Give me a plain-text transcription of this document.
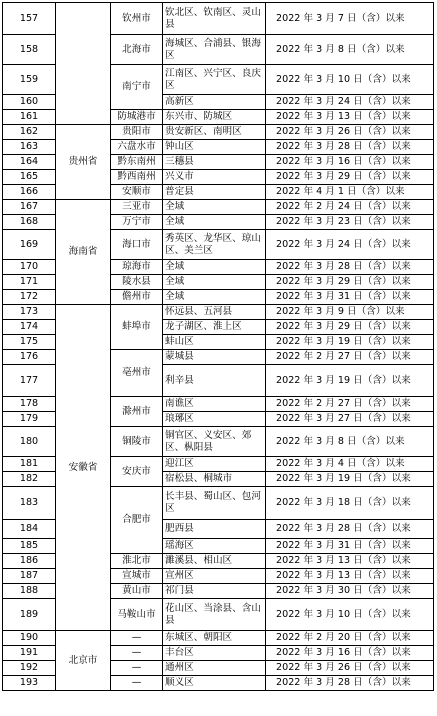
157		钦州市	钦北区、钦南区、灵山县	2022 年 3 月 7 日（含）以来
158		北海市	海城区、合浦县、银海区	2022 年 3 月 8 日（含）以来
159		南宁市	江南区、兴宁区、良庆区	2022 年 3 月 10 日（含）以来
160			高新区	2022 年 3 月 24 日（含）以来
161		防城港市	东兴市、防城区	2022 年 3 月 13 日（含）以来
162	贵州省	贵阳市	贵安新区、南明区	2022 年 3 月 26 日（含）以来
163		六盘水市	钟山区	2022 年 3 月 28 日（含）以来
164		黔东南州	三穗县	2022 年 3 月 16 日（含）以来
165		黔西南州	兴义市	2022 年 3 月 29 日（含）以来
166		安顺市	普定县	2022 年 4 月 1 日（含）以来
167	海南省	三亚市	全域	2022 年 2 月 24 日（含）以来
168		万宁市	全域	2022 年 3 月 23 日（含）以来
169		海口市	秀英区、龙华区、琼山区、美兰区	2022 年 3 月 24 日（含）以来
170		琼海市	全域	2022 年 3 月 28 日（含）以来
171		陵水县	全域	2022 年 3 月 29 日（含）以来
172		儋州市	全域	2022 年 3 月 31 日（含）以来
173	安徽省	蚌埠市	怀远县、五河县	2022 年 3 月 9 日（含）以来
174			龙子湖区、淮上区	2022 年 3 月 29 日（含）以来
175			蚌山区	2022 年 3 月 19 日（含）以来
176		亳州市	蒙城县	2022 年 2 月 27 日（含）以来
177			利辛县	2022 年 3 月 19 日（含）以来
178		滁州市	南谯区	2022 年 2 月 27 日（含）以来
179			琅琊区	2022 年 3 月 27 日（含）以来
180		铜陵市	铜官区、义安区、郊区、枞阳县	2022 年 3 月 8 日（含）以来
181		安庆市	迎江区	2022 年 3 月 4 日（含）以来
182			宿松县、桐城市	2022 年 3 月 19 日（含）以来
183		合肥市	长丰县、蜀山区、包河区	2022 年 3 月 18 日（含）以来
184			肥西县	2022 年 3 月 28 日（含）以来
185			瑶海区	2022 年 3 月 31 日（含）以来
186		淮北市	濉溪县、相山区	2022 年 3 月 13 日（含）以来
187		宣城市	宣州区	2022 年 3 月 13 日（含）以来
188		黄山市	祁门县	2022 年 3 月 30 日（含）以来
189		马鞍山市	花山区、当涂县、含山县	2022 年 3 月 10 日（含）以来
190	北京市	—	东城区、朝阳区	2022 年 2 月 20 日（含）以来
191		—	丰台区	2022 年 3 月 16 日（含）以来
192		—	通州区	2022 年 3 月 26 日（含）以来
193		—	顺义区	2022 年 3 月 28 日（含）以来
